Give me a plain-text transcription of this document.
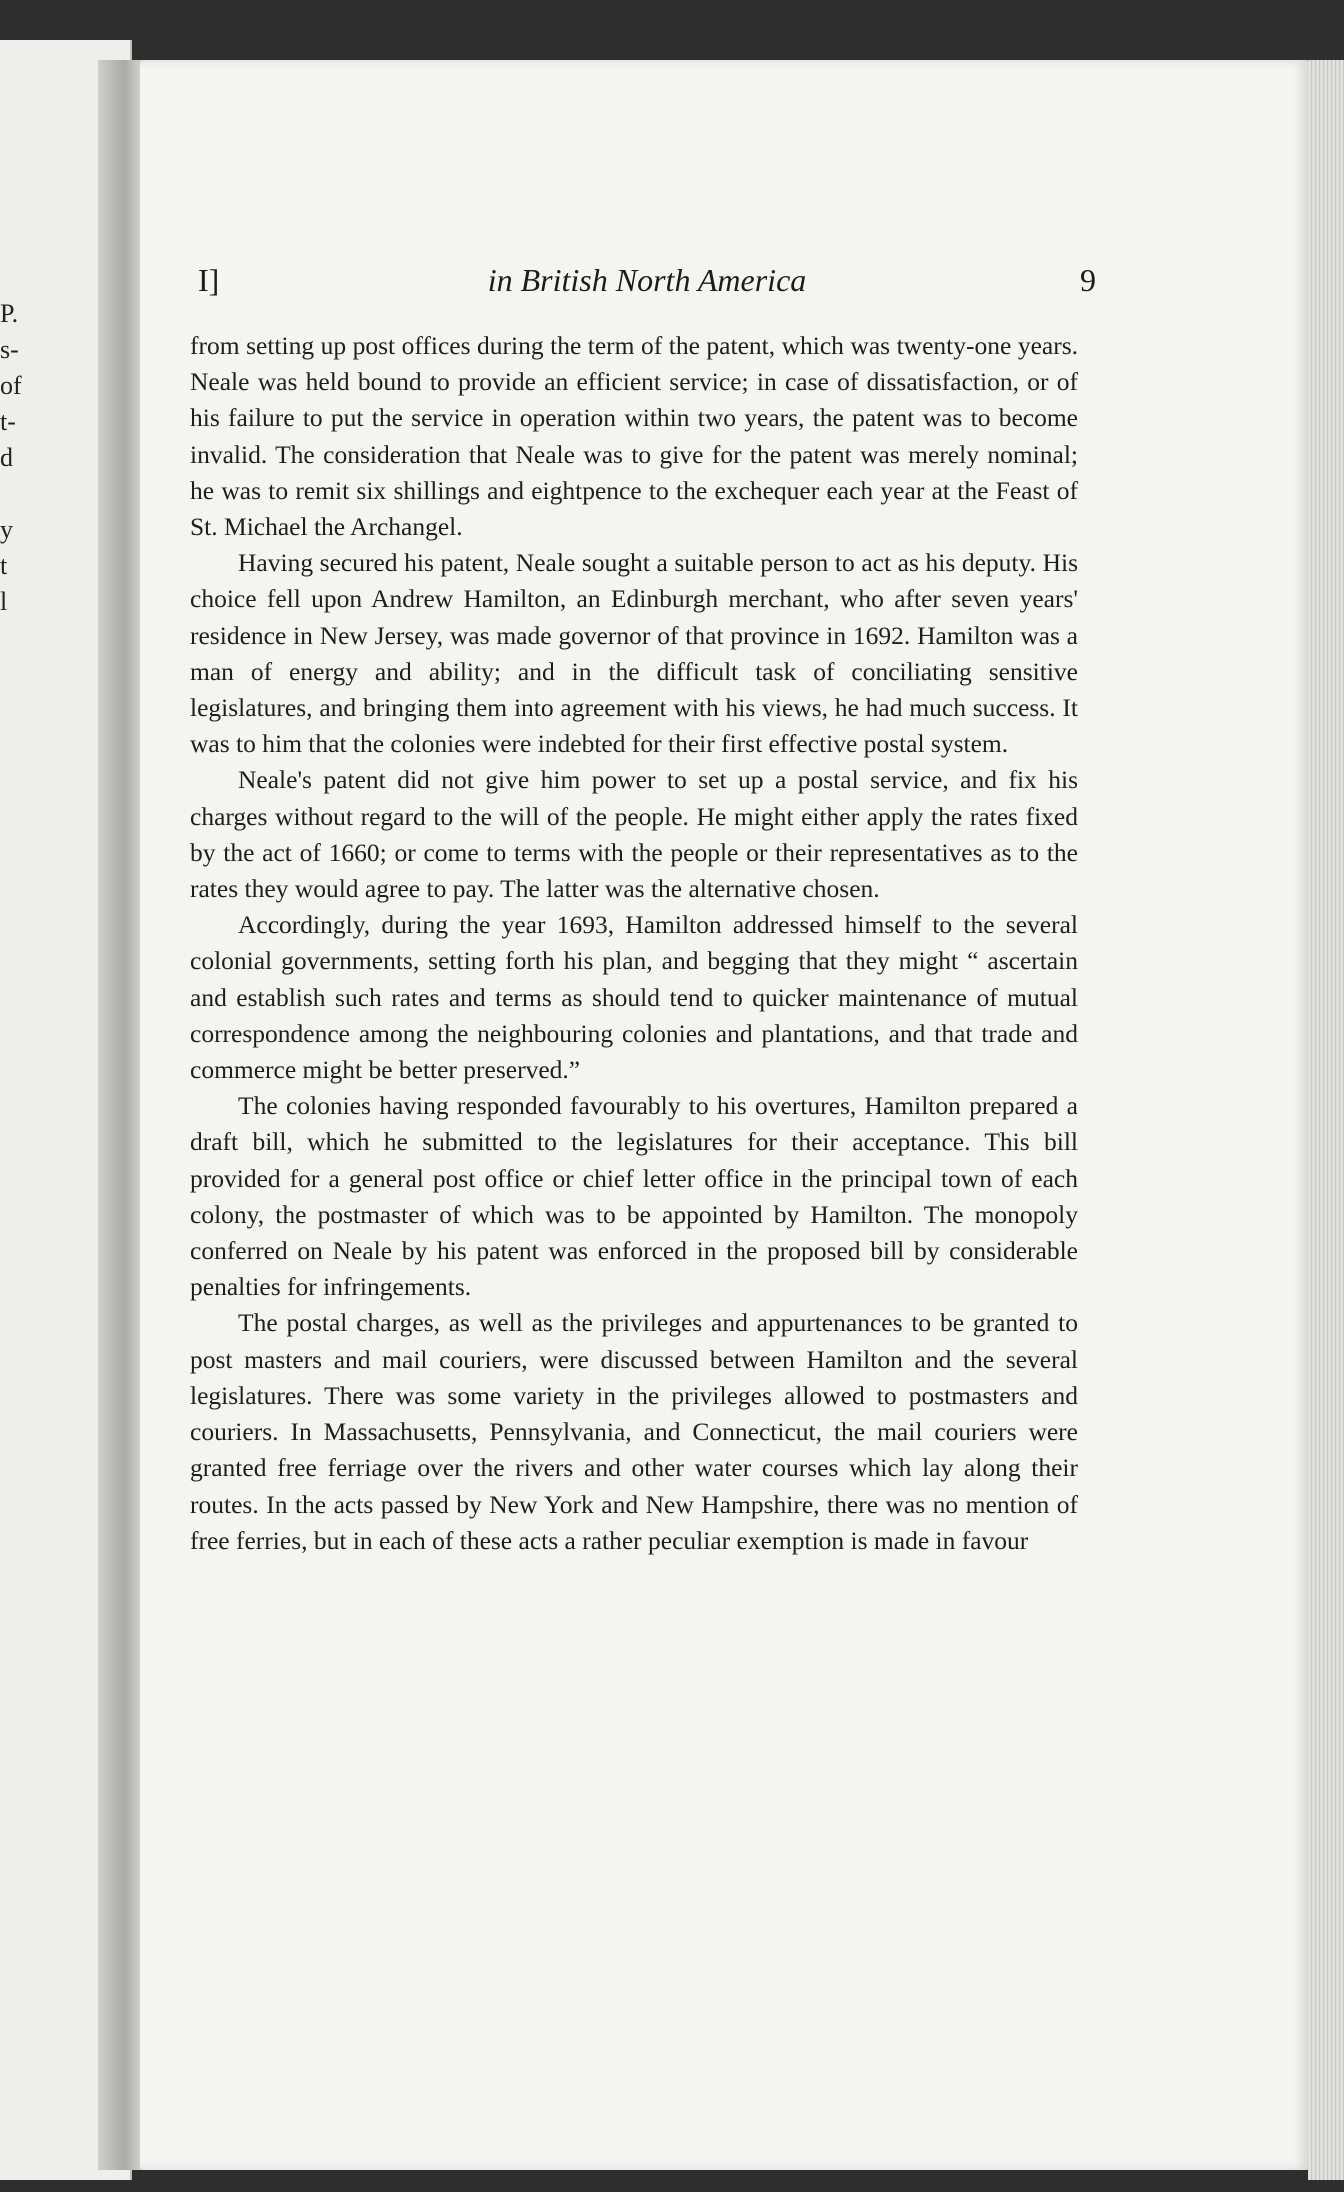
P.
s-
of
t-
d
y
t
l
I]	in British North America	9

from setting up post offices during the term of the patent, which was twenty-one years. Neale was held bound to provide an efficient service; in case of dissatisfaction, or of his failure to put the service in operation within two years, the patent was to become invalid. The consideration that Neale was to give for the patent was merely nominal; he was to remit six shillings and eightpence to the exchequer each year at the Feast of St. Michael the Archangel.

Having secured his patent, Neale sought a suitable person to act as his deputy. His choice fell upon Andrew Hamilton, an Edinburgh merchant, who after seven years' residence in New Jersey, was made governor of that province in 1692. Hamilton was a man of energy and ability; and in the difficult task of conciliating sensitive legislatures, and bringing them into agreement with his views, he had much success. It was to him that the colonies were indebted for their first effective postal system.

Neale's patent did not give him power to set up a postal service, and fix his charges without regard to the will of the people. He might either apply the rates fixed by the act of 1660; or come to terms with the people or their representatives as to the rates they would agree to pay. The latter was the alternative chosen.

Accordingly, during the year 1693, Hamilton addressed himself to the several colonial governments, setting forth his plan, and begging that they might “ ascertain and establish such rates and terms as should tend to quicker maintenance of mutual correspondence among the neighbouring colonies and plantations, and that trade and commerce might be better preserved.”

The colonies having responded favourably to his overtures, Hamilton prepared a draft bill, which he submitted to the legislatures for their acceptance. This bill provided for a general post office or chief letter office in the principal town of each colony, the postmaster of which was to be appointed by Hamilton. The monopoly conferred on Neale by his patent was enforced in the proposed bill by considerable penalties for infringements.

The postal charges, as well as the privileges and appurtenances to be granted to post masters and mail couriers, were discussed between Hamilton and the several legislatures. There was some variety in the privileges allowed to postmasters and couriers. In Massachusetts, Pennsylvania, and Connecticut, the mail couriers were granted free ferriage over the rivers and other water courses which lay along their routes. In the acts passed by New York and New Hampshire, there was no mention of free ferries, but in each of these acts a rather peculiar exemption is made in favour
